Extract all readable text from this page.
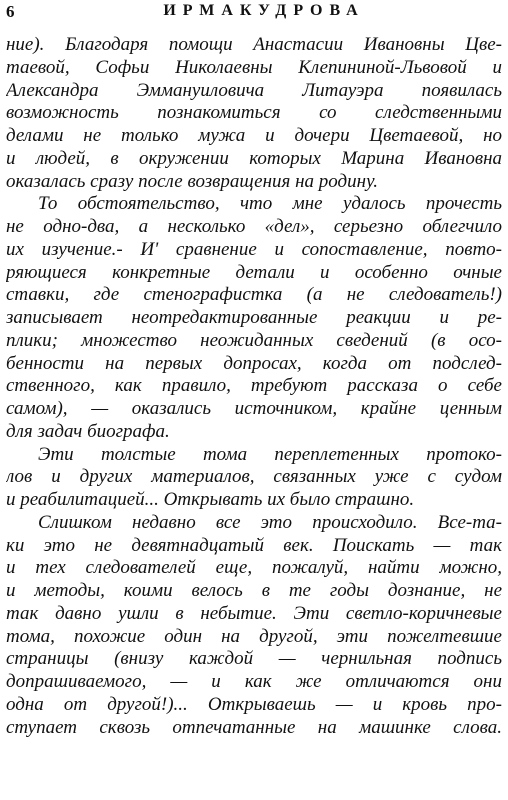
6	ИРМАКУДРОВА
ние). Благодаря помощи Анастасии Ивановны Цве-
таевой, Софьи Николаевны Клепининой-Львовой и
Александра Эммануиловича Литауэра появилась
возможность познакомиться со следственными
делами не только мужа и дочери Цветаевой, но
и людей, в окружении которых Марина Ивановна
оказалась сразу после возвращения на родину.
То обстоятельство, что мне удалось прочесть
не одно-два, а несколько «дел», серьезно облегчило
их изучение.- И' сравнение и сопоставление, повто-
ряющиеся конкретные детали и особенно очные
ставки, где стенографистка (а не следователь!)
записывает неотредактированные реакции и ре-
плики; множество неожиданных сведений (в осо-
бенности на первых допросах, когда от подслед-
ственного, как правило, требуют рассказа о себе
самом), — оказались источником, крайне ценным
для задач биографа.
Эти толстые тома переплетенных протоко-
лов и других материалов, связанных уже с судом
и реабилитацией... Открывать их было страшно.
Слишком недавно все это происходило. Все-та-
ки это не девятнадцатый век. Поискать — так
и тех следователей еще, пожалуй, найти можно,
и методы, коими велось в те годы дознание, не
так давно ушли в небытие. Эти светло-коричневые
тома, похожие один на другой, эти пожелтевшие
страницы (внизу каждой — чернильная подпись
допрашиваемого, — и как же отличаются они
одна от другой!)... Открываешь — и кровь про-
ступает сквозь отпечатанные на машинке слова.
